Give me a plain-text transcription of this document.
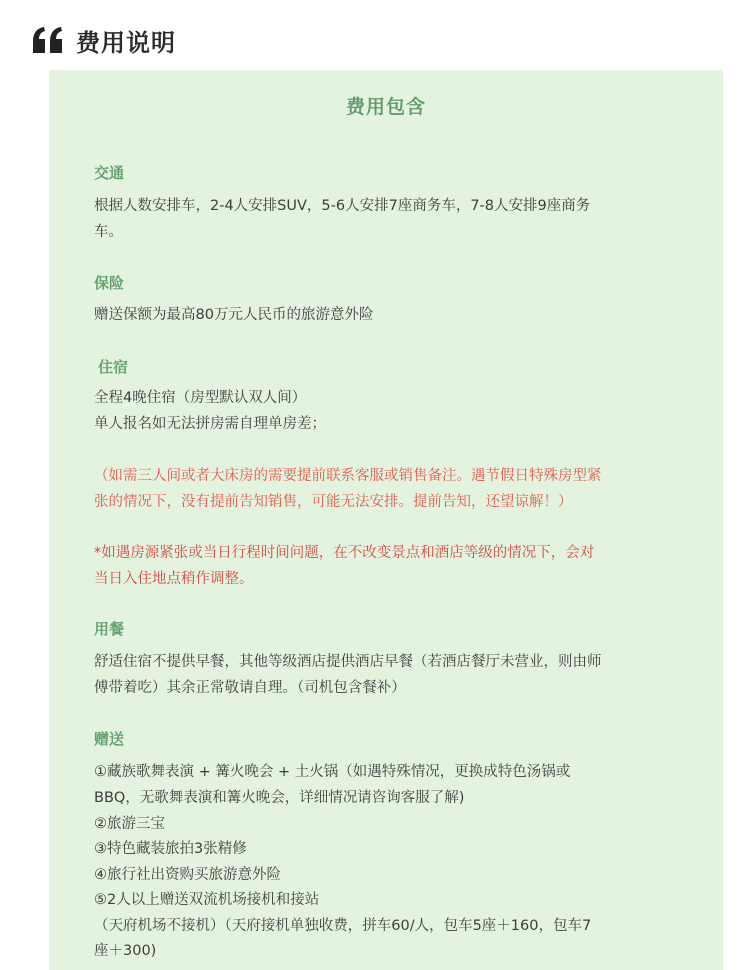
费用说明
费用包含
交通
根据人数安排车，2-4人安排SUV，5-6人安排7座商务车，7-8人安排9座商务
车。
保险
赠送保额为最高80万元人民币的旅游意外险
住宿
全程4晚住宿（房型默认双人间）
单人报名如无法拼房需自理单房差；
（如需三人间或者大床房的需要提前联系客服或销售备注。遇节假日特殊房型紧
张的情况下，没有提前告知销售，可能无法安排。提前告知，还望谅解！）
*如遇房源紧张或当日行程时间问题，在不改变景点和酒店等级的情况下，会对
当日入住地点稍作调整。
用餐
舒适住宿不提供早餐，其他等级酒店提供酒店早餐（若酒店餐厅未营业，则由师
傅带着吃）其余正常敬请自理。（司机包含餐补）
赠送
①藏族歌舞表演 + 篝火晚会 + 土火锅（如遇特殊情况，更换成特色汤锅或
BBQ，无歌舞表演和篝火晚会，详细情况请咨询客服了解)
②旅游三宝
③特色藏装旅拍3张精修
④旅行社出资购买旅游意外险
⑤2人以上赠送双流机场接机和接站
（天府机场不接机）（天府接机单独收费，拼车60/人，包车5座＋160，包车7
座＋300)
